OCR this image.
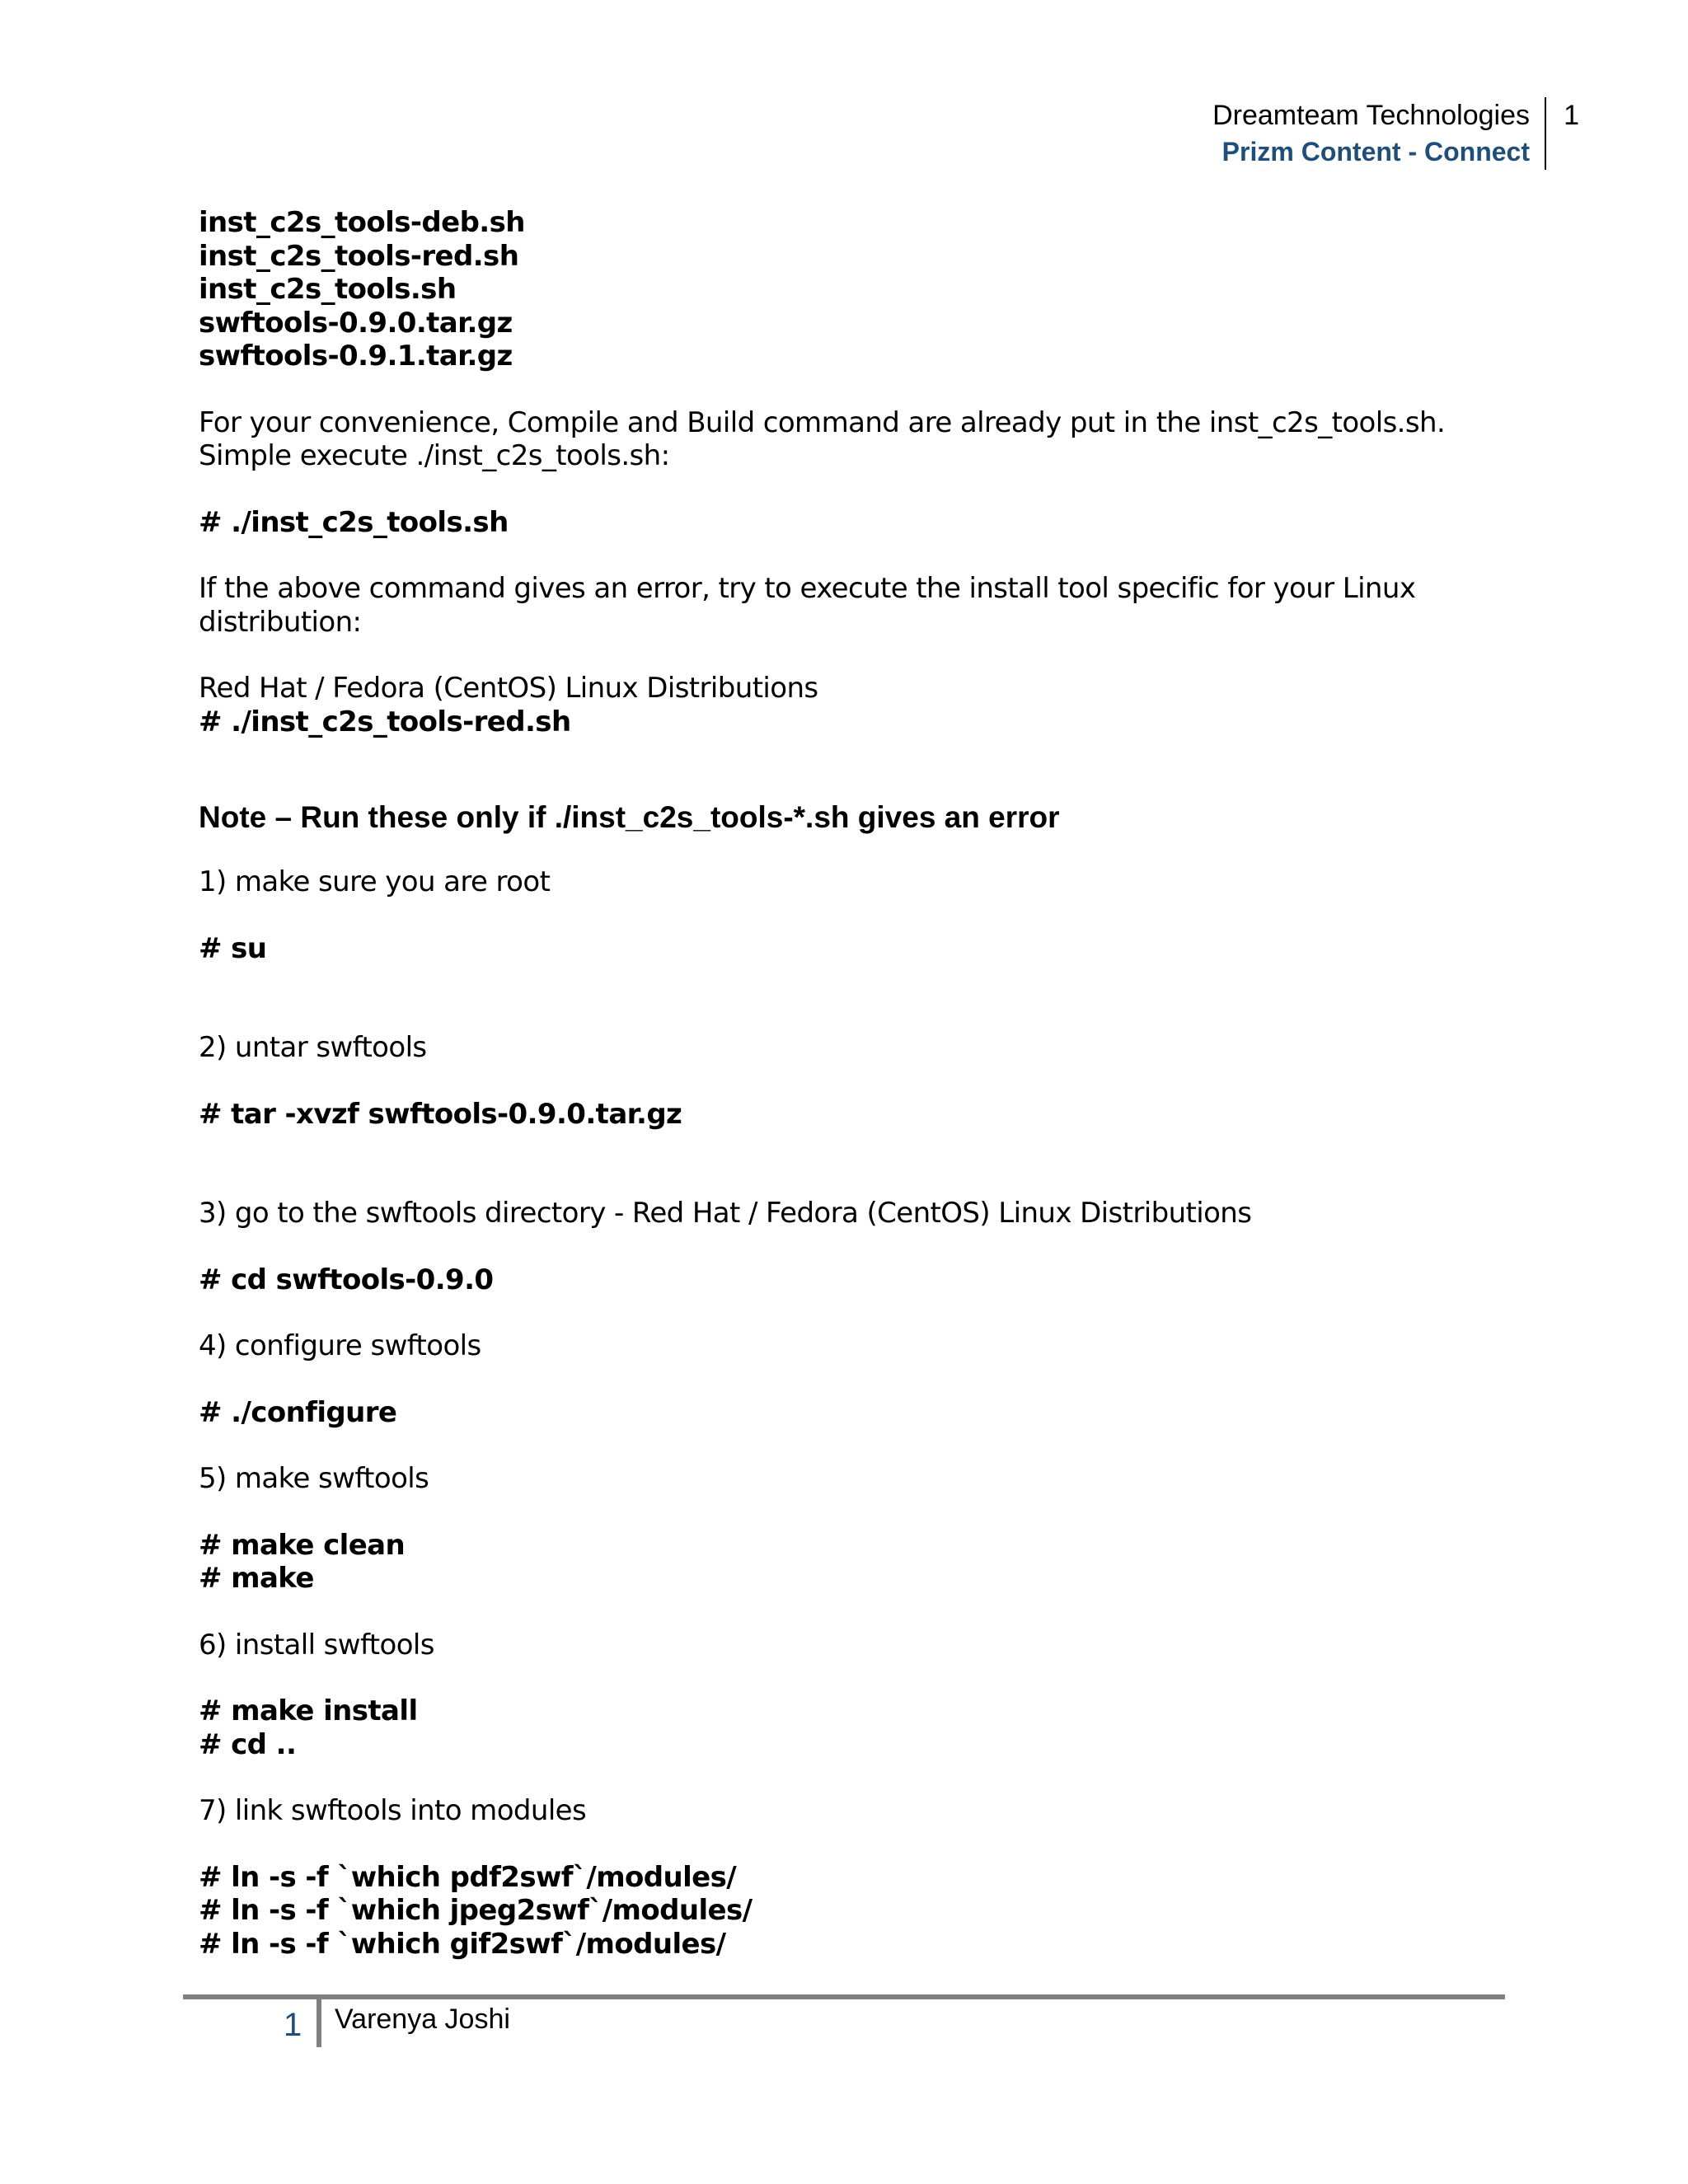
Dreamteam Technologies
Prizm Content - Connect
1
inst_c2s_tools-deb.sh
inst_c2s_tools-red.sh
inst_c2s_tools.sh
swftools-0.9.0.tar.gz
swftools-0.9.1.tar.gz
For your convenience, Compile and Build command are already put in the inst_c2s_tools.sh.
Simple execute ./inst_c2s_tools.sh:
# ./inst_c2s_tools.sh
If the above command gives an error, try to execute the install tool specific for your Linux
distribution:
Red Hat / Fedora (CentOS) Linux Distributions
# ./inst_c2s_tools-red.sh
Note – Run these only if ./inst_c2s_tools-*.sh gives an error
1) make sure you are root
# su
2) untar swftools
# tar -xvzf swftools-0.9.0.tar.gz
3) go to the swftools directory - Red Hat / Fedora (CentOS) Linux Distributions
# cd swftools-0.9.0
4) configure swftools
# ./configure
5) make swftools
# make clean
# make
6) install swftools
# make install
# cd ..
7) link swftools into modules
# ln -s -f `which pdf2swf`/modules/
# ln -s -f `which jpeg2swf`/modules/
# ln -s -f `which gif2swf`/modules/
1 Varenya Joshi
